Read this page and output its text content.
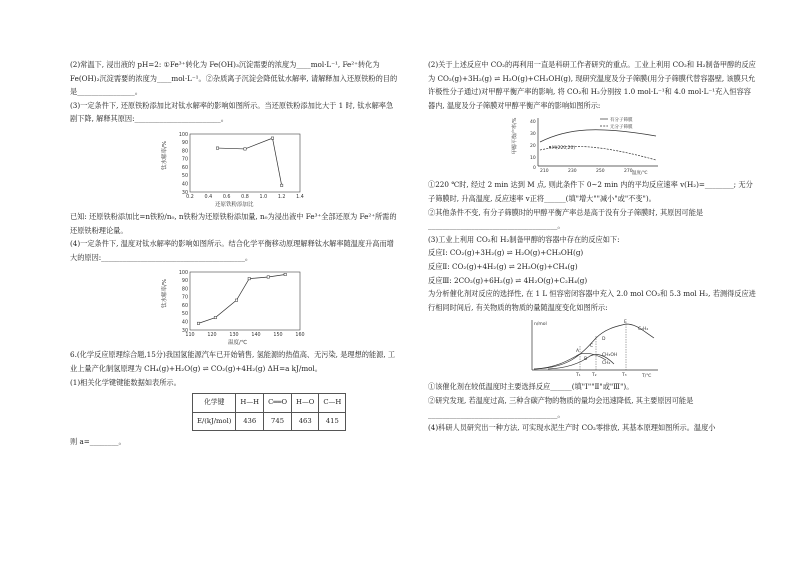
(2)常温下, 浸出液的 pH=2: ①Fe³⁺转化为 Fe(OH)₃沉淀需要的浓度为____mol·L⁻¹, Fe²⁺转化为 Fe(OH)₂沉淀需要的浓度为____mol·L⁻¹。②杂质离子沉淀会降低钛水解率, 请解释加入还原铁粉的目的是________________。

(3)一定条件下, 还原铁粉添加比对钛水解率的影响如图所示。当还原铁粉添加比大于 1 时, 钛水解率急剧下降, 解释其原因:________________________。

100
90
80
70
60
50
40
30
0.2 0.4 0.6 0.8 1.0 1.2 1.4
钛水解率/%
还原铁粉添加比

已知: 还原铁粉添加比=n铁粉/n₀, n铁粉为还原铁粉添加量, n₀为浸出液中 Fe³⁺全部还原为 Fe²⁺所需的还原铁粉理论量。

(4)一定条件下, 温度对钛水解率的影响如图所示。结合化学平衡移动原理解释钛水解率随温度升高而增大的原因:________________________________________。

100
90
80
70
60
50
40
30
110	120	130	140	150	160
钛水解率/%
温度/℃

6.(化学反应原理综合题,15分)我国氢能源汽车已开始销售, 氢能源的热值高、无污染, 是理想的能源, 工业上量产化制氢原理为 CH₄(g)+H₂O(g) ⇌ CO₂(g)+4H₂(g) ΔH=a kJ/mol。

(1)相关化学键键能数据如表所示。

化学键	H—H	C══O	H—O	C—H
E/(kJ/mol)	436	745	463	415

则 a=________。

(2)关于上述反应中 CO₂的再利用一直是科研工作者研究的重点。工业上利用 CO₂和 H₂制备甲醇的反应为 CO₂(g)+3H₂(g) ⇌ H₂O(g)+CH₃OH(g), 现研究温度及分子筛膜(用分子筛膜代替容器壁, 该膜只允许极性分子通过)对甲醇平衡产率的影响, 将 CO₂和 H₂分别按 1.0 mol·L⁻¹和 4.0 mol·L⁻¹充入恒容容器内, 温度及分子筛膜对甲醇平衡产率的影响如图所示:

甲醇平衡产率/%	40
30
20
10
0
210	230	250	270
M(220,20)
有分子筛膜
无分子筛膜
温度/℃

①220 ℃时, 经过 2 min 达到 M 点, 则此条件下 0~2 min 内的平均反应速率 v(H₂)=________; 无分子筛膜时, 升高温度, 反应速率 v正将______(填"增大""减小"或"不变")。

②其他条件不变, 有分子筛膜时的甲醇平衡产率总是高于没有分子筛膜时, 其原因可能是____________________________________。

(3)工业上利用 CO₂和 H₂制备甲醇的容器中存在的反应如下:

反应Ⅰ: CO₂(g)+3H₂(g) ⇌ H₂O(g)+CH₃OH(g)

反应Ⅱ: CO₂(g)+4H₂(g) ⇌ 2H₂O(g)+CH₄(g)

反应Ⅲ: 2CO₂(g)+6H₂(g) ⇌ 4H₂O(g)+C₂H₄(g)

为分析催化剂对反应的选择性, 在 1 L 恒容密闭容器中充入 2.0 mol CO₂和 5.3 mol H₂, 若测得反应进行相同时间后, 有关物质的物质的量随温度变化如图所示:

n/mol
T/℃
E
C₂H₄
A
B
C
D
CH₃OH
CH₄
T₁	T₂	T₃

①该催化剂在较低温度时主要选择反应______(填"Ⅰ""Ⅱ"或"Ⅲ")。

②研究发现, 若温度过高, 三种含碳产物的物质的量均会迅速降低, 其主要原因可能是____________________________________。

(4)科研人员研究出一种方法, 可实现水泥生产时 CO₂零排放, 其基本原理如图所示。温度小
